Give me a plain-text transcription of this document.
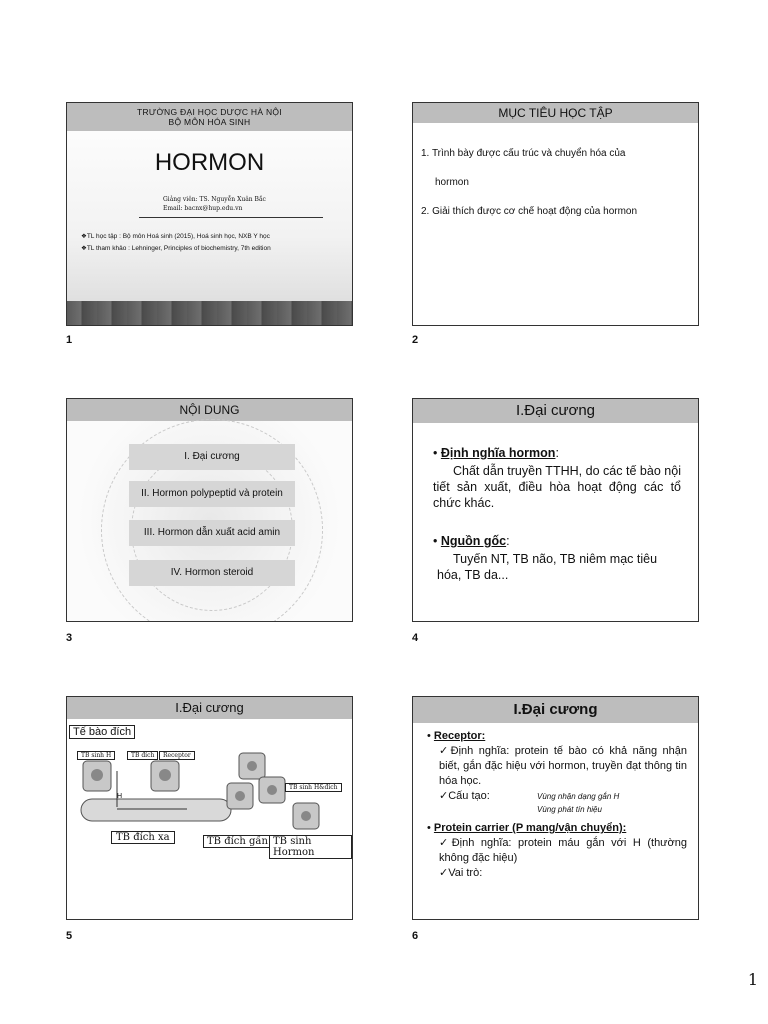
TRƯỜNG ĐẠI HỌC DƯỢC HÀ NỘI
BỘ MÔN HÓA SINH
HORMON
Giảng viên: TS. Nguyễn Xuân Bắc
Email: bacnx@hup.edu.vn
❖TL học tập : Bộ môn Hoá sinh (2015), Hoá sinh học, NXB Y học
❖TL tham khảo : Lehninger, Principles of biochemistry, 7th edition
1
MỤC TIÊU HỌC TẬP
1. Trình bày được cấu trúc và chuyển hóa của
hormon
2. Giải thích được cơ chế hoạt động của hormon
2
NỘI DUNG
I. Đại cương
II. Hormon polypeptid và protein
III. Hormon dẫn xuất acid amin
IV. Hormon steroid
3
I.Đại cương
• Định nghĩa hormon:
Chất dẫn truyền TTHH, do các tế bào nội tiết sản xuất, điều hòa hoạt động các tổ chức khác.
• Nguồn gốc:
Tuyến NT, TB não, TB niêm mạc tiêu hóa, TB da...
4
I.Đại cương
Tế bào đích
TB sinh H	TB đích	Receptor
TB sinh H&đích
TB đích xa	TB đích gần TB sinh Hormon
H
5
I.Đại cương
• Receptor:
✓Định nghĩa: protein tế bào có khả năng nhận biết, gắn đặc hiệu với hormon, truyền đạt thông tin hóa học.
✓Cấu tạo:	Vùng nhận dạng gắn H
Vùng phát tín hiệu
• Protein carrier (P mang/vận chuyển):
✓Định nghĩa: protein máu gắn với H (thường không đặc hiệu)
✓Vai trò:
6
1
